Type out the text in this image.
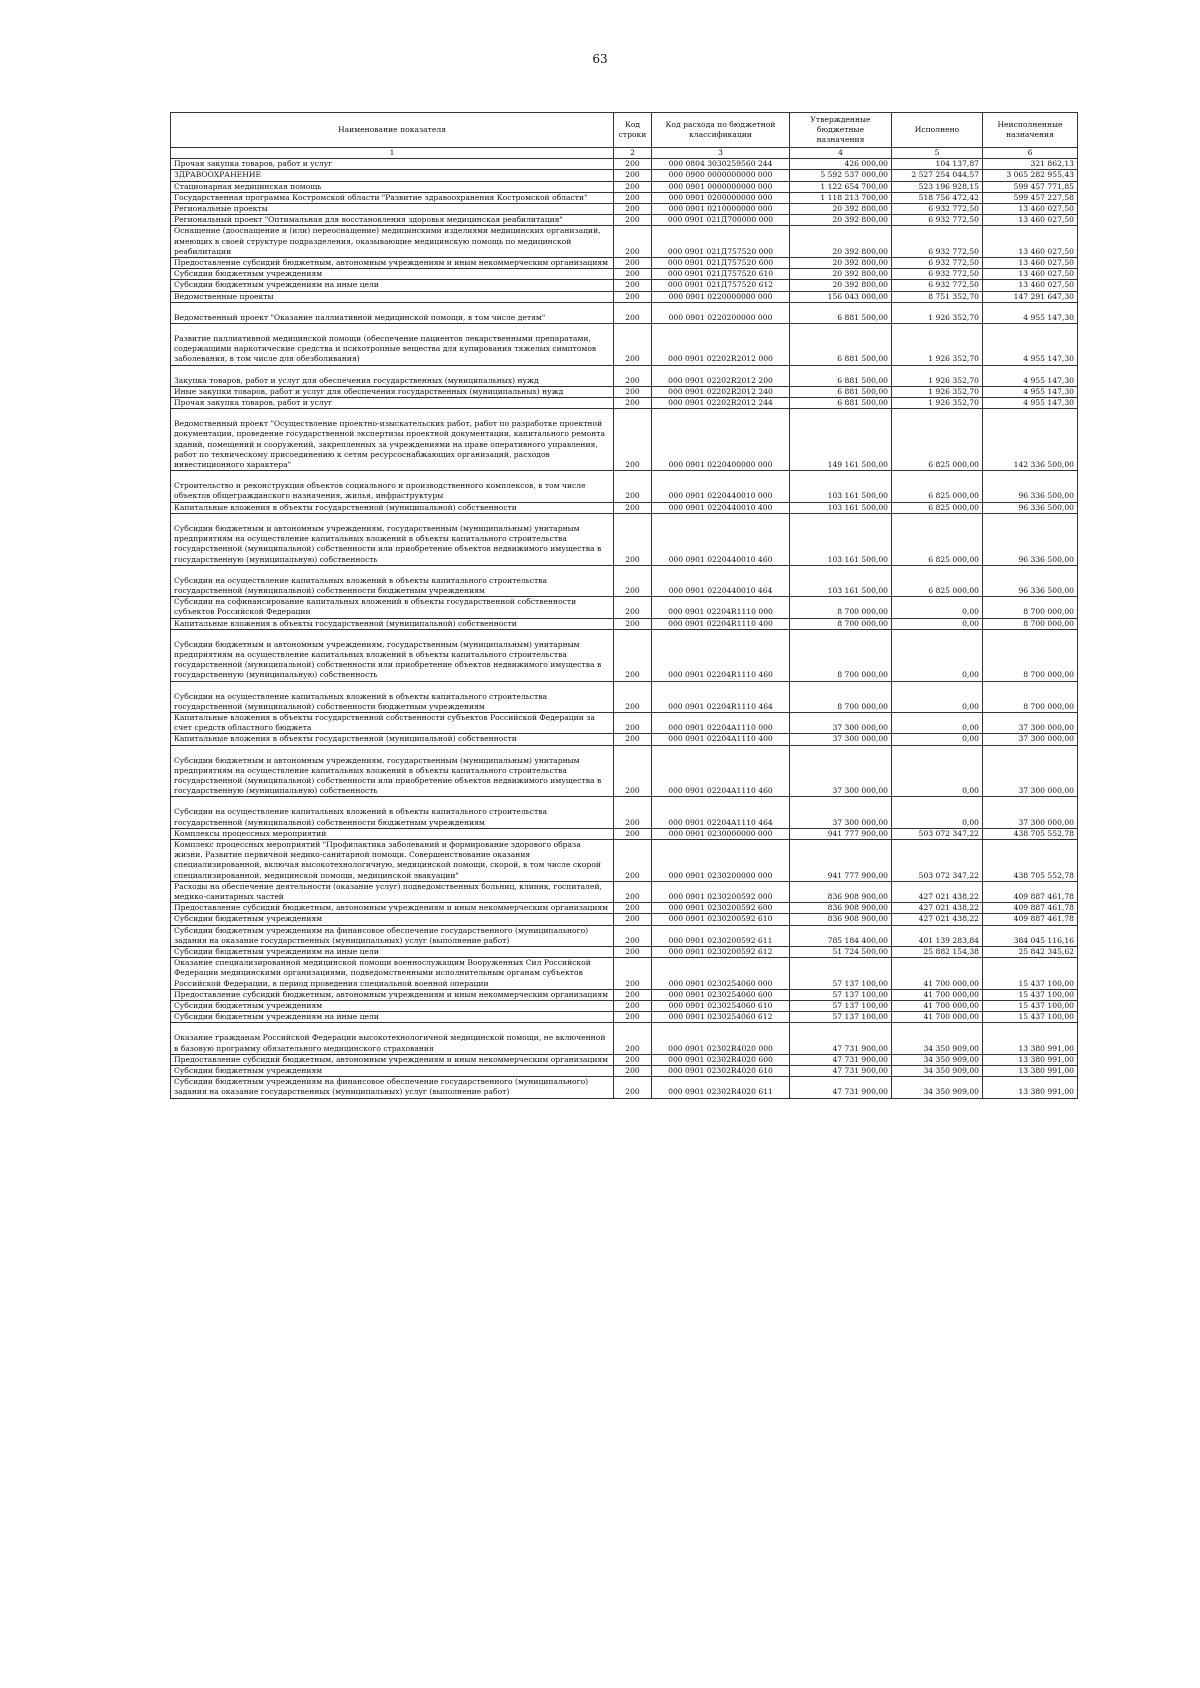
63
Наименование показателя	Код строки	Код расхода по бюджетной классификации	Утвержденные бюджетные назначения	Исполнено	Неисполненные назначения
1	2	3	4	5	6
Прочая закупка товаров, работ и услуг	200	000 0804 3030259560 244	426 000,00	104 137,87	321 862,13
ЗДРАВООХРАНЕНИЕ	200	000 0900 0000000000 000	5 592 537 000,00	2 527 254 044,57	3 065 282 955,43
Стационарная медицинская помощь	200	000 0901 0000000000 000	1 122 654 700,00	523 196 928,15	599 457 771,85
Государственная программа Костромской области "Развитие здравоохранения Костромской области"	200	000 0901 0200000000 000	1 118 213 700,00	518 756 472,42	599 457 227,58
Региональные проекты	200	000 0901 0210000000 000	20 392 800,00	6 932 772,50	13 460 027,50
Региональный проект "Оптимальная для восстановления здоровья медицинская реабилитация"	200	000 0901 021Д700000 000	20 392 800,00	6 932 772,50	13 460 027,50
Оснащение (дооснащение и (или) переоснащение) медицинскими изделиями медицинских организаций, имеющих в своей структуре подразделения, оказывающие медицинскую помощь по медицинской реабилитации	200	000 0901 021Д757520 000	20 392 800,00	6 932 772,50	13 460 027,50
Предоставление субсидий бюджетным, автономным учреждениям и иным некоммерческим организациям	200	000 0901 021Д757520 600	20 392 800,00	6 932 772,50	13 460 027,50
Субсидии бюджетным учреждениям	200	000 0901 021Д757520 610	20 392 800,00	6 932 772,50	13 460 027,50
Субсидии бюджетным учреждениям на иные цели	200	000 0901 021Д757520 612	20 392 800,00	6 932 772,50	13 460 027,50
Ведомственные проекты	200	000 0901 0220000000 000	156 043 000,00	8 751 352,70	147 291 647,30
Ведомственный проект "Оказание паллиативной медицинской помощи, в том числе детям"	200	000 0901 0220200000 000	6 881 500,00	1 926 352,70	4 955 147,30
Развитие паллиативной медицинской помощи (обеспечение пациентов лекарственными препаратами, содержащими наркотические средства и психотропные вещества для купирования тяжелых симптомов заболевания, в том числе для обезболивания)	200	000 0901 02202R2012 000	6 881 500,00	1 926 352,70	4 955 147,30
Закупка товаров, работ и услуг для обеспечения государственных (муниципальных) нужд	200	000 0901 02202R2012 200	6 881 500,00	1 926 352,70	4 955 147,30
Иные закупки товаров, работ и услуг для обеспечения государственных (муниципальных) нужд	200	000 0901 02202R2012 240	6 881 500,00	1 926 352,70	4 955 147,30
Прочая закупка товаров, работ и услуг	200	000 0901 02202R2012 244	6 881 500,00	1 926 352,70	4 955 147,30
Ведомственный проект "Осуществление проектно-изыскательских работ, работ по разработке проектной документации, проведение государственной экспертизы проектной документации, капитального ремонта зданий, помещений и сооружений, закрепленных за учреждениями на праве оперативного управления, работ по техническому присоединению к сетям ресурсоснабжающих организаций, расходов инвестиционного характера"	200	000 0901 0220400000 000	149 161 500,00	6 825 000,00	142 336 500,00
Строительство и реконструкция объектов социального и производственного комплексов, в том числе объектов общегражданского назначения, жилья, инфраструктуры	200	000 0901 0220440010 000	103 161 500,00	6 825 000,00	96 336 500,00
Капитальные вложения в объекты государственной (муниципальной) собственности	200	000 0901 0220440010 400	103 161 500,00	6 825 000,00	96 336 500,00
Субсидии бюджетным и автономным учреждениям, государственным (муниципальным) унитарным предприятиям на осуществление капитальных вложений в объекты капитального строительства государственной (муниципальной) собственности или приобретение объектов недвижимого имущества в государственную (муниципальную) собственность	200	000 0901 0220440010 460	103 161 500,00	6 825 000,00	96 336 500,00
Субсидии на осуществление капитальных вложений в объекты капитального строительства государственной (муниципальной) собственности бюджетным учреждениям	200	000 0901 0220440010 464	103 161 500,00	6 825 000,00	96 336 500,00
Субсидии на софинансирование капитальных вложений в объекты государственной собственности субъектов Российской Федерации	200	000 0901 02204R1110 000	8 700 000,00	0,00	8 700 000,00
Капитальные вложения в объекты государственной (муниципальной) собственности	200	000 0901 02204R1110 400	8 700 000,00	0,00	8 700 000,00
Субсидии бюджетным и автономным учреждениям, государственным (муниципальным) унитарным предприятиям на осуществление капитальных вложений в объекты капитального строительства государственной (муниципальной) собственности или приобретение объектов недвижимого имущества в государственную (муниципальную) собственность	200	000 0901 02204R1110 460	8 700 000,00	0,00	8 700 000,00
Субсидии на осуществление капитальных вложений в объекты капитального строительства государственной (муниципальной) собственности бюджетным учреждениям	200	000 0901 02204R1110 464	8 700 000,00	0,00	8 700 000,00
Капитальные вложения в объекты государственной собственности субъектов Российской Федерации за счет средств областного бюджета	200	000 0901 02204A1110 000	37 300 000,00	0,00	37 300 000,00
Капитальные вложения в объекты государственной (муниципальной) собственности	200	000 0901 02204A1110 400	37 300 000,00	0,00	37 300 000,00
Субсидии бюджетным и автономным учреждениям, государственным (муниципальным) унитарным предприятиям на осуществление капитальных вложений в объекты капитального строительства государственной (муниципальной) собственности или приобретение объектов недвижимого имущества в государственную (муниципальную) собственность	200	000 0901 02204A1110 460	37 300 000,00	0,00	37 300 000,00
Субсидии на осуществление капитальных вложений в объекты капитального строительства государственной (муниципальной) собственности бюджетным учреждениям	200	000 0901 02204A1110 464	37 300 000,00	0,00	37 300 000,00
Комплексы процессных мероприятий	200	000 0901 0230000000 000	941 777 900,00	503 072 347,22	438 705 552,78
Комплекс процессных мероприятий "Профилактика заболеваний и формирование здорового образа жизни. Развитие первичной медико-санитарной помощи. Совершенствование оказания специализированной, включая высокотехнологичную, медицинской помощи, скорой, в том числе скорой специализированной, медицинской помощи, медицинской эвакуации"	200	000 0901 0230200000 000	941 777 900,00	503 072 347,22	438 705 552,78
Расходы на обеспечение деятельности (оказание услуг) подведомственных больниц, клиник, госпиталей, медико-санитарных частей	200	000 0901 0230200592 000	836 908 900,00	427 021 438,22	409 887 461,78
Предоставление субсидий бюджетным, автономным учреждениям и иным некоммерческим организациям	200	000 0901 0230200592 600	836 908 900,00	427 021 438,22	409 887 461,78
Субсидии бюджетным учреждениям	200	000 0901 0230200592 610	836 908 900,00	427 021 438,22	409 887 461,78
Субсидии бюджетным учреждениям на финансовое обеспечение государственного (муниципального) задания на оказание государственных (муниципальных) услуг (выполнение работ)	200	000 0901 0230200592 611	785 184 400,00	401 139 283,84	384 045 116,16
Субсидии бюджетным учреждениям на иные цели	200	000 0901 0230200592 612	51 724 500,00	25 882 154,38	25 842 345,62
Оказание специализированной медицинской помощи военнослужащим Вооруженных Сил Российской Федерации медицинскими организациями, подведомственными исполнительным органам субъектов Российской Федерации, в период проведения специальной военной операции	200	000 0901 0230254060 000	57 137 100,00	41 700 000,00	15 437 100,00
Предоставление субсидий бюджетным, автономным учреждениям и иным некоммерческим организациям	200	000 0901 0230254060 600	57 137 100,00	41 700 000,00	15 437 100,00
Субсидии бюджетным учреждениям	200	000 0901 0230254060 610	57 137 100,00	41 700 000,00	15 437 100,00
Субсидии бюджетным учреждениям на иные цели	200	000 0901 0230254060 612	57 137 100,00	41 700 000,00	15 437 100,00
Оказание гражданам Российской Федерации высокотехнологичной медицинской помощи, не включенной в базовую программу обязательного медицинского страхования	200	000 0901 02302R4020 000	47 731 900,00	34 350 909,00	13 380 991,00
Предоставление субсидий бюджетным, автономным учреждениям и иным некоммерческим организациям	200	000 0901 02302R4020 600	47 731 900,00	34 350 909,00	13 380 991,00
Субсидии бюджетным учреждениям	200	000 0901 02302R4020 610	47 731 900,00	34 350 909,00	13 380 991,00
Субсидии бюджетным учреждениям на финансовое обеспечение государственного (муниципального) задания на оказание государственных (муниципальных) услуг (выполнение работ)	200	000 0901 02302R4020 611	47 731 900,00	34 350 909,00	13 380 991,00
